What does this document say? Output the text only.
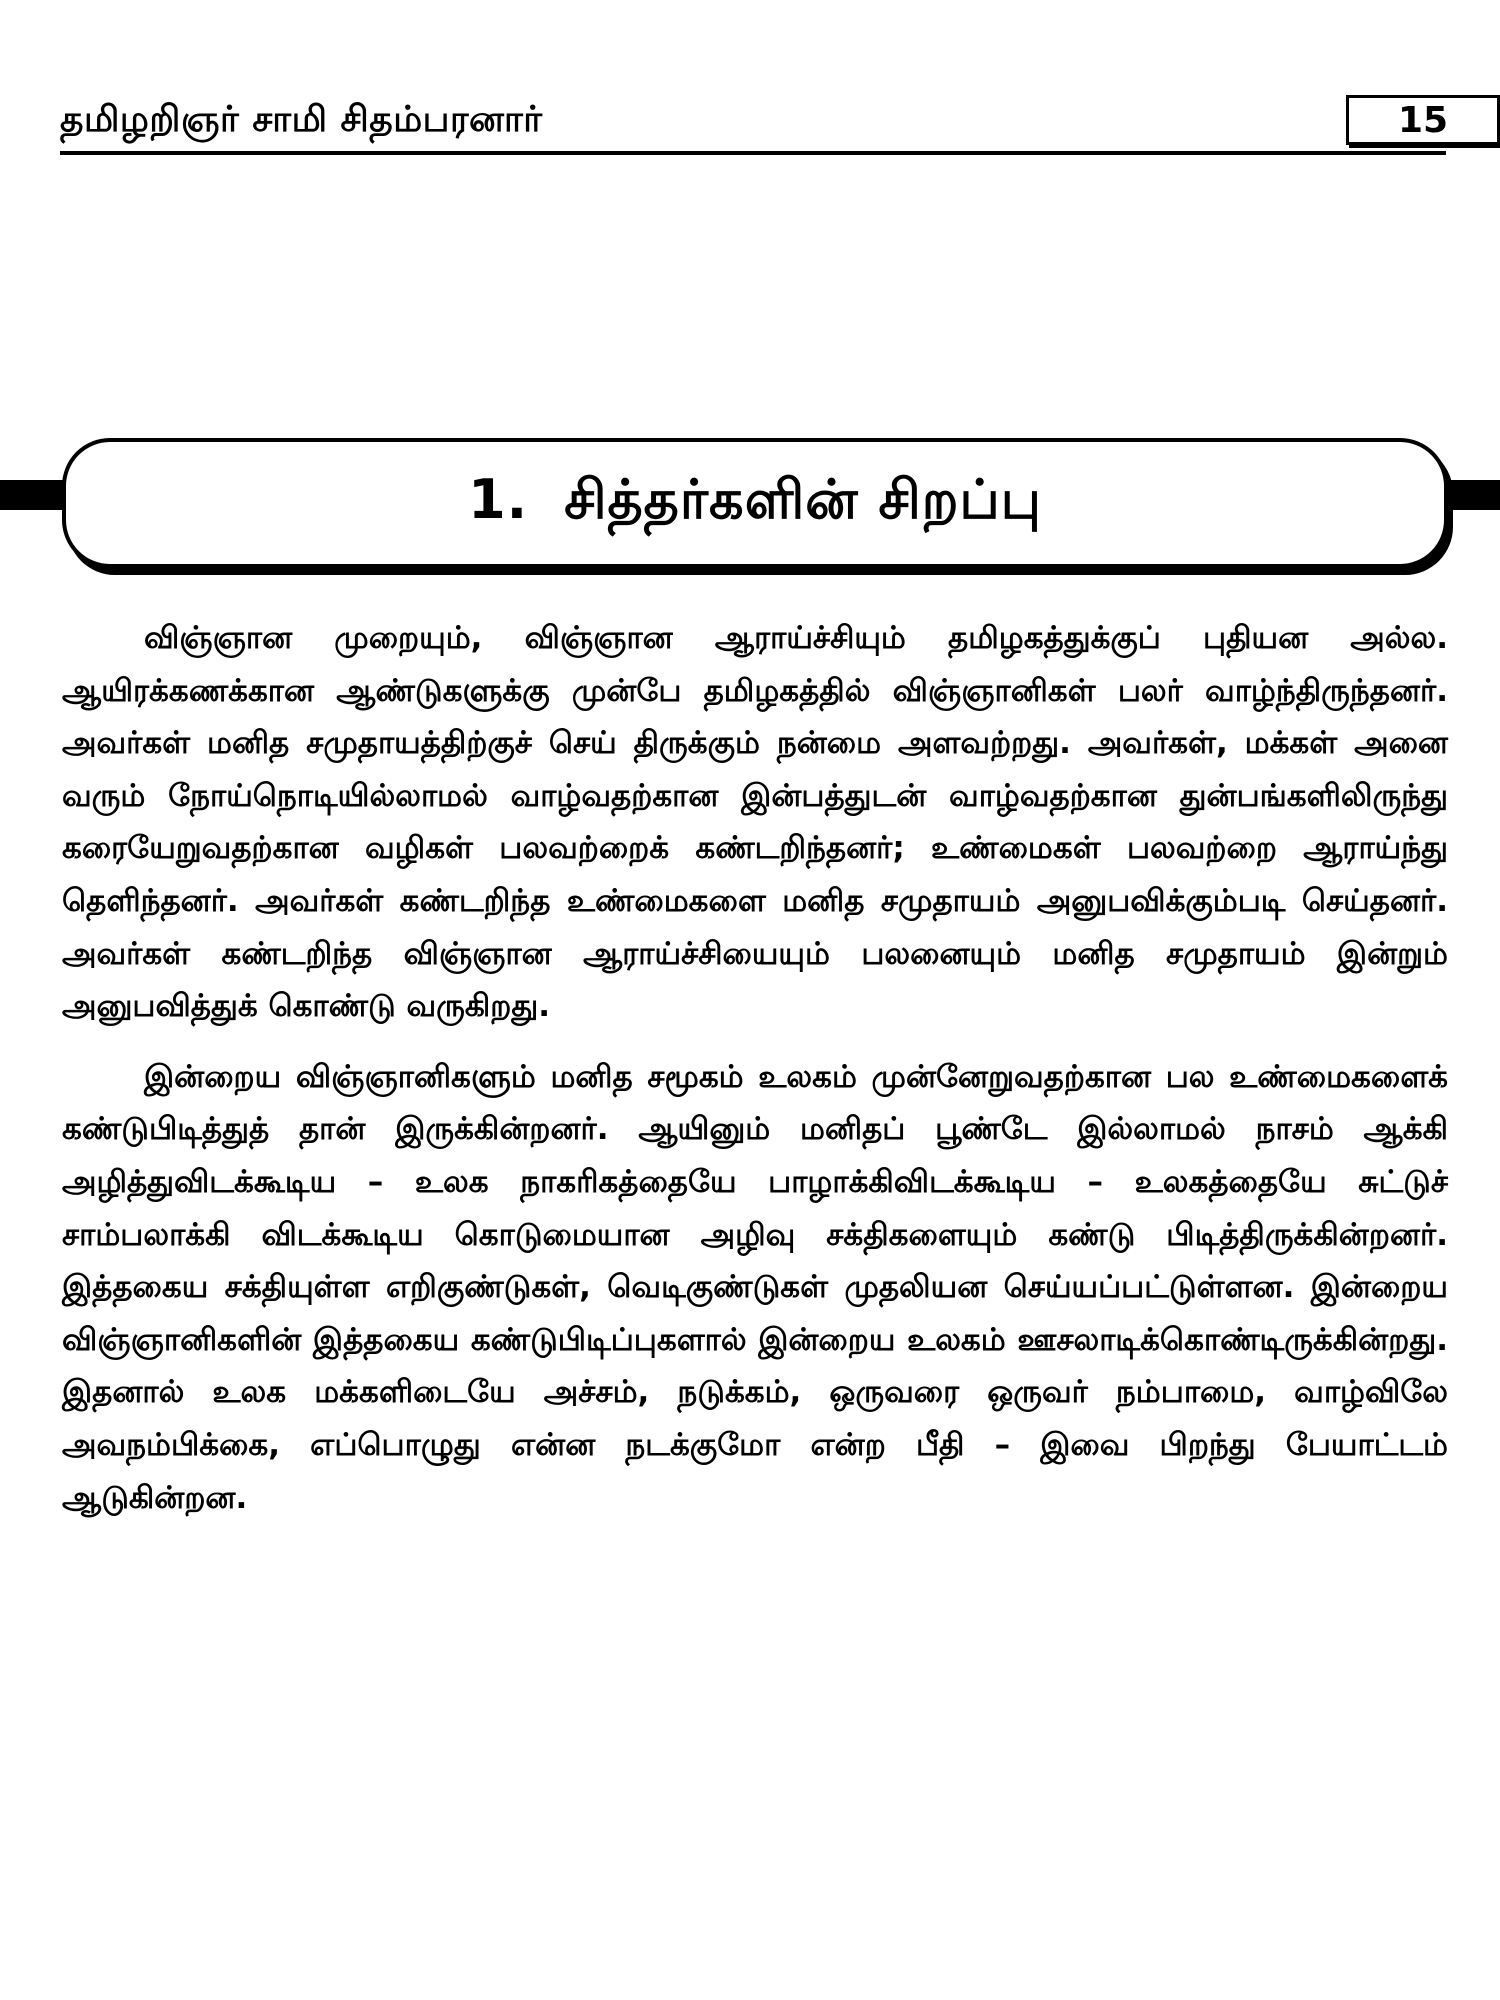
தமிழறிஞர் சாமி சிதம்பரனார்	15
1. சித்தர்களின் சிறப்பு

விஞ்ஞான முறையும், விஞ்ஞான ஆராய்ச்சியும் தமிழகத்துக்குப் புதியன அல்ல. ஆயிரக்கணக்கான ஆண்டுகளுக்கு முன்பே தமிழகத்தில் விஞ்ஞானிகள் பலர் வாழ்ந்திருந்தனர். அவர்கள் மனித சமுதாயத்திற்குச் செய் திருக்கும் நன்மை அளவற்றது. அவர்கள், மக்கள் அனை வரும் நோய்நொடியில்லாமல் வாழ்வதற்கான இன்பத்துடன் வாழ்வதற்கான துன்பங்களிலிருந்து கரையேறுவதற்கான வழிகள் பலவற்றைக் கண்டறிந்தனர்; உண்மைகள் பலவற்றை ஆராய்ந்து தெளிந்தனர். அவர்கள் கண்டறிந்த உண்மைகளை மனித சமுதாயம் அனுபவிக்கும்படி செய்தனர். அவர்கள் கண்டறிந்த விஞ்ஞான ஆராய்ச்சியையும் பலனையும் மனித சமுதாயம் இன்றும் அனுபவித்துக் கொண்டு வருகிறது.

இன்றைய விஞ்ஞானிகளும் மனித சமூகம் உலகம் முன்னேறுவதற்கான பல உண்மைகளைக் கண்டுபிடித்துத் தான் இருக்கின்றனர். ஆயினும் மனிதப் பூண்டே இல்லாமல் நாசம் ஆக்கி அழித்துவிடக்கூடிய – உலக நாகரிகத்தையே பாழாக்கிவிடக்கூடிய – உலகத்தையே சுட்டுச் சாம்பலாக்கி விடக்கூடிய கொடுமையான அழிவு சக்திகளையும் கண்டு பிடித்திருக்கின்றனர். இத்தகைய சக்தியுள்ள எறிகுண்டுகள், வெடிகுண்டுகள் முதலியன செய்யப்பட்டுள்ளன. இன்றைய விஞ்ஞானிகளின் இத்தகைய கண்டுபிடிப்புகளால் இன்றைய உலகம் ஊசலாடிக்கொண்டிருக்கின்றது. இதனால் உலக மக்களிடையே அச்சம், நடுக்கம், ஒருவரை ஒருவர் நம்பாமை, வாழ்விலே அவநம்பிக்கை, எப்பொழுது என்ன நடக்குமோ என்ற பீதி – இவை பிறந்து பேயாட்டம் ஆடுகின்றன.
